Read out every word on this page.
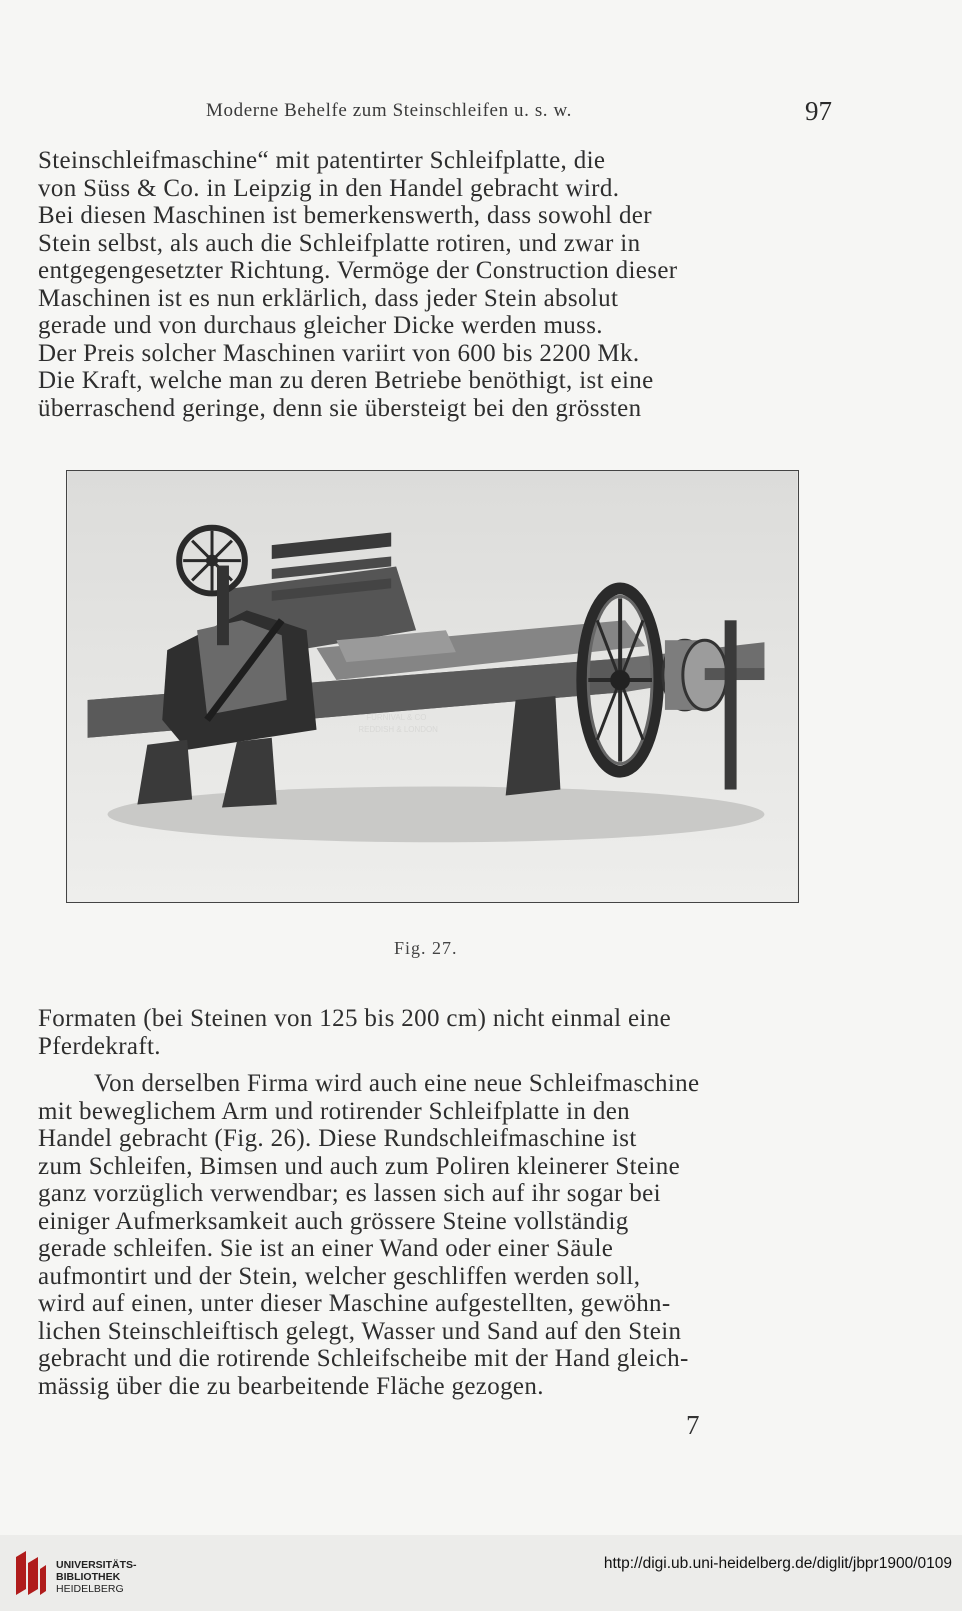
Moderne Behelfe zum Steinschleifen u. s. w.	97

Steinschleifmaschine“ mit patentirter Schleifplatte, die

von Süss & Co. in Leipzig in den Handel gebracht wird.

Bei diesen Maschinen ist bemerkenswerth, dass sowohl der

Stein selbst, als auch die Schleifplatte rotiren, und zwar in

entgegengesetzter Richtung. Vermöge der Construction dieser

Maschinen ist es nun erklärlich, dass jeder Stein absolut

gerade und von durchaus gleicher Dicke werden muss.

Der Preis solcher Maschinen variirt von 600 bis 2200 Mk.

Die Kraft, welche man zu deren Betriebe benöthigt, ist eine

überraschend geringe, denn sie übersteigt bei den grössten

FURNIVAL & CO
REDDISH & LONDON
Fig. 27.

Formaten (bei Steinen von 125 bis 200 cm) nicht einmal eine

Pferdekraft.

Von derselben Firma wird auch eine neue Schleifmaschine

mit beweglichem Arm und rotirender Schleifplatte in den

Handel gebracht (Fig. 26). Diese Rundschleifmaschine ist

zum Schleifen, Bimsen und auch zum Poliren kleinerer Steine

ganz vorzüglich verwendbar; es lassen sich auf ihr sogar bei

einiger Aufmerksamkeit auch grössere Steine vollständig

gerade schleifen. Sie ist an einer Wand oder einer Säule

aufmontirt und der Stein, welcher geschliffen werden soll,

wird auf einen, unter dieser Maschine aufgestellten, gewöhn-

lichen Steinschleiftisch gelegt, Wasser und Sand auf den Stein

gebracht und die rotirende Schleifscheibe mit der Hand gleich-

mässig über die zu bearbeitende Fläche gezogen.

7
UNIVERSITÄTS-
BIBLIOTHEK
HEIDELBERG
http://digi.ub.uni-heidelberg.de/diglit/jbpr1900/0109
